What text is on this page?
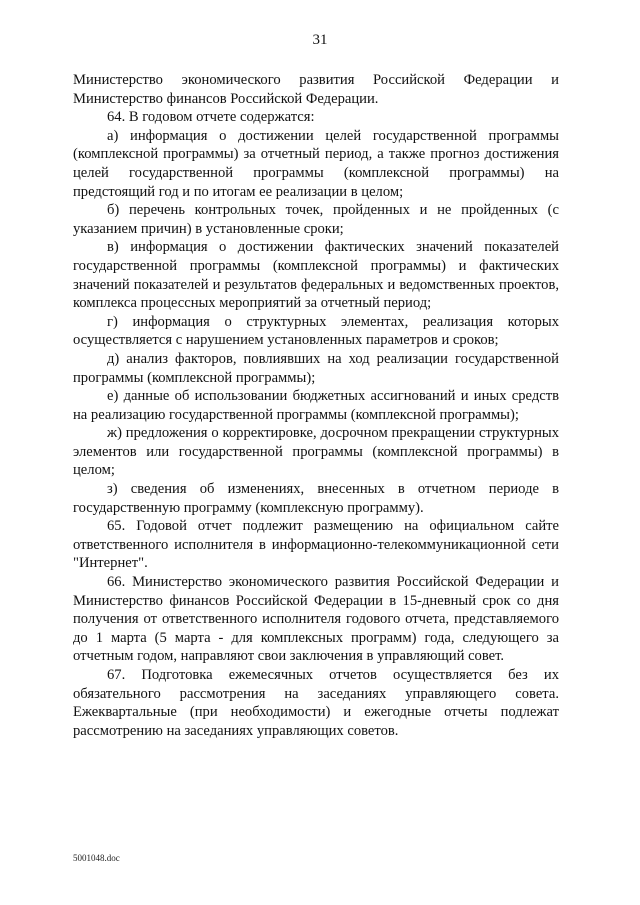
31

Министерство экономического развития Российской Федерации и Министерство финансов Российской Федерации.

64. В годовом отчете содержатся:

а) информация о достижении целей государственной программы (комплексной программы) за отчетный период, а также прогноз достижения целей государственной программы (комплексной программы) на предстоящий год и по итогам ее реализации в целом;

б) перечень контрольных точек, пройденных и не пройденных (с указанием причин) в установленные сроки;

в) информация о достижении фактических значений показателей государственной программы (комплексной программы) и фактических значений показателей и результатов федеральных и ведомственных проектов, комплекса процессных мероприятий за отчетный период;

г) информация о структурных элементах, реализация которых осуществляется с нарушением установленных параметров и сроков;

д) анализ факторов, повлиявших на ход реализации государственной программы (комплексной программы);

е) данные об использовании бюджетных ассигнований и иных средств на реализацию государственной программы (комплексной программы);

ж) предложения о корректировке, досрочном прекращении структурных элементов или государственной программы (комплексной программы) в целом;

з) сведения об изменениях, внесенных в отчетном периоде в государственную программу (комплексную программу).

65. Годовой отчет подлежит размещению на официальном сайте ответственного исполнителя в информационно-телекоммуникационной сети "Интернет".

66. Министерство экономического развития Российской Федерации и Министерство финансов Российской Федерации в 15-дневный срок со дня получения от ответственного исполнителя годового отчета, представляемого до 1 марта (5 марта - для комплексных программ) года, следующего за отчетным годом, направляют свои заключения в управляющий совет.

67. Подготовка ежемесячных отчетов осуществляется без их обязательного рассмотрения на заседаниях управляющего совета. Ежеквартальные (при необходимости) и ежегодные отчеты подлежат рассмотрению на заседаниях управляющих советов.

5001048.doc
